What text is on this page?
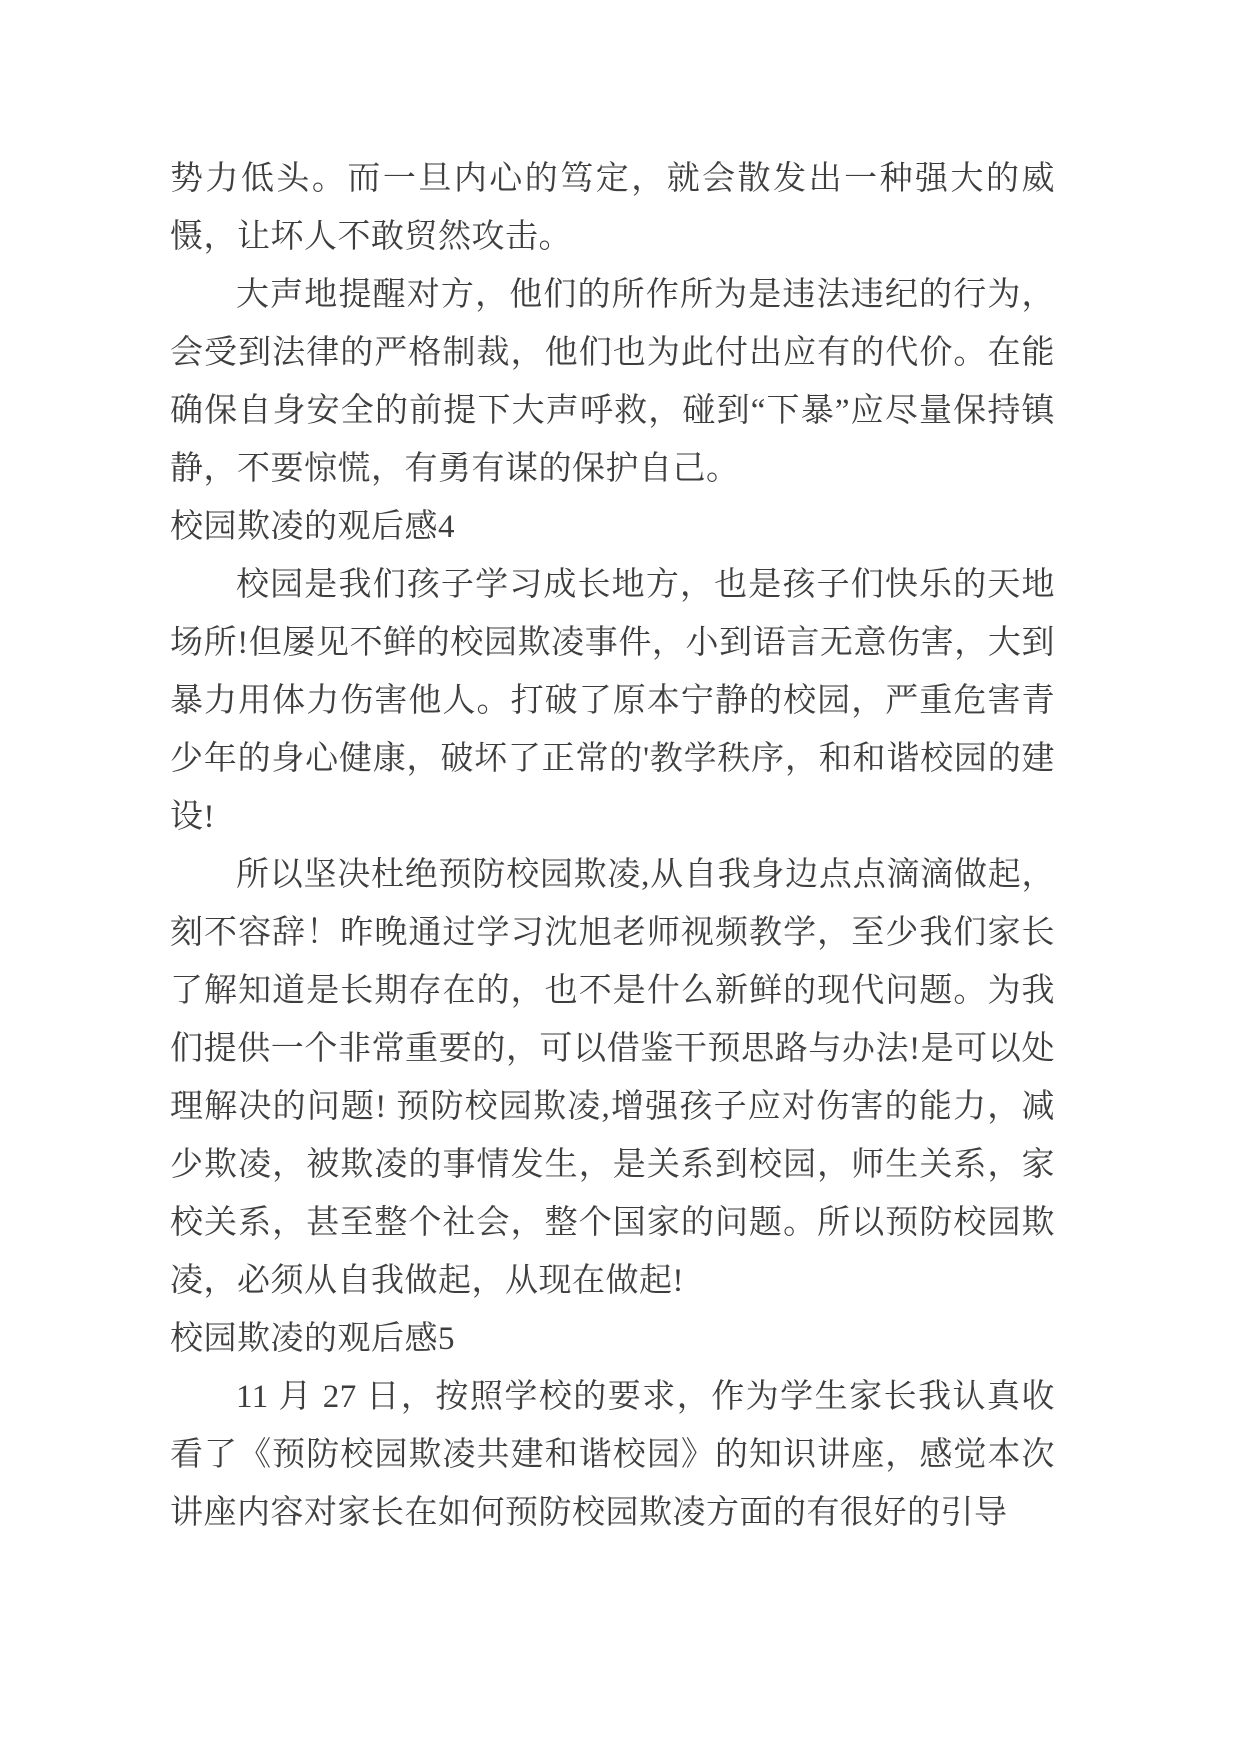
势力低头。而一旦内心的笃定，就会散发出一种强大的威慑，让坏人不敢贸然攻击。

大声地提醒对方，他们的所作所为是违法违纪的行为，会受到法律的严格制裁，他们也为此付出应有的代价。在能确保自身安全的前提下大声呼救，碰到“下暴”应尽量保持镇静，不要惊慌，有勇有谋的保护自己。

校园欺凌的观后感4

校园是我们孩子学习成长地方，也是孩子们快乐的天地场所!但屡见不鲜的校园欺凌事件，小到语言无意伤害，大到暴力用体力伤害他人。打破了原本宁静的校园，严重危害青少年的身心健康，破坏了正常的'教学秩序，和和谐校园的建设!

所以坚决杜绝预防校园欺凌,从自我身边点点滴滴做起，刻不容辞！昨晚通过学习沈旭老师视频教学，至少我们家长了解知道是长期存在的，也不是什么新鲜的现代问题。为我们提供一个非常重要的，可以借鉴干预思路与办法!是可以处理解决的问题! 预防校园欺凌,增强孩子应对伤害的能力，减少欺凌，被欺凌的事情发生，是关系到校园，师生关系，家校关系，甚至整个社会，整个国家的问题。所以预防校园欺凌，必须从自我做起，从现在做起!

校园欺凌的观后感5

11 月 27 日，按照学校的要求，作为学生家长我认真收看了《预防校园欺凌共建和谐校园》的知识讲座，感觉本次讲座内容对家长在如何预防校园欺凌方面的有很好的引导
